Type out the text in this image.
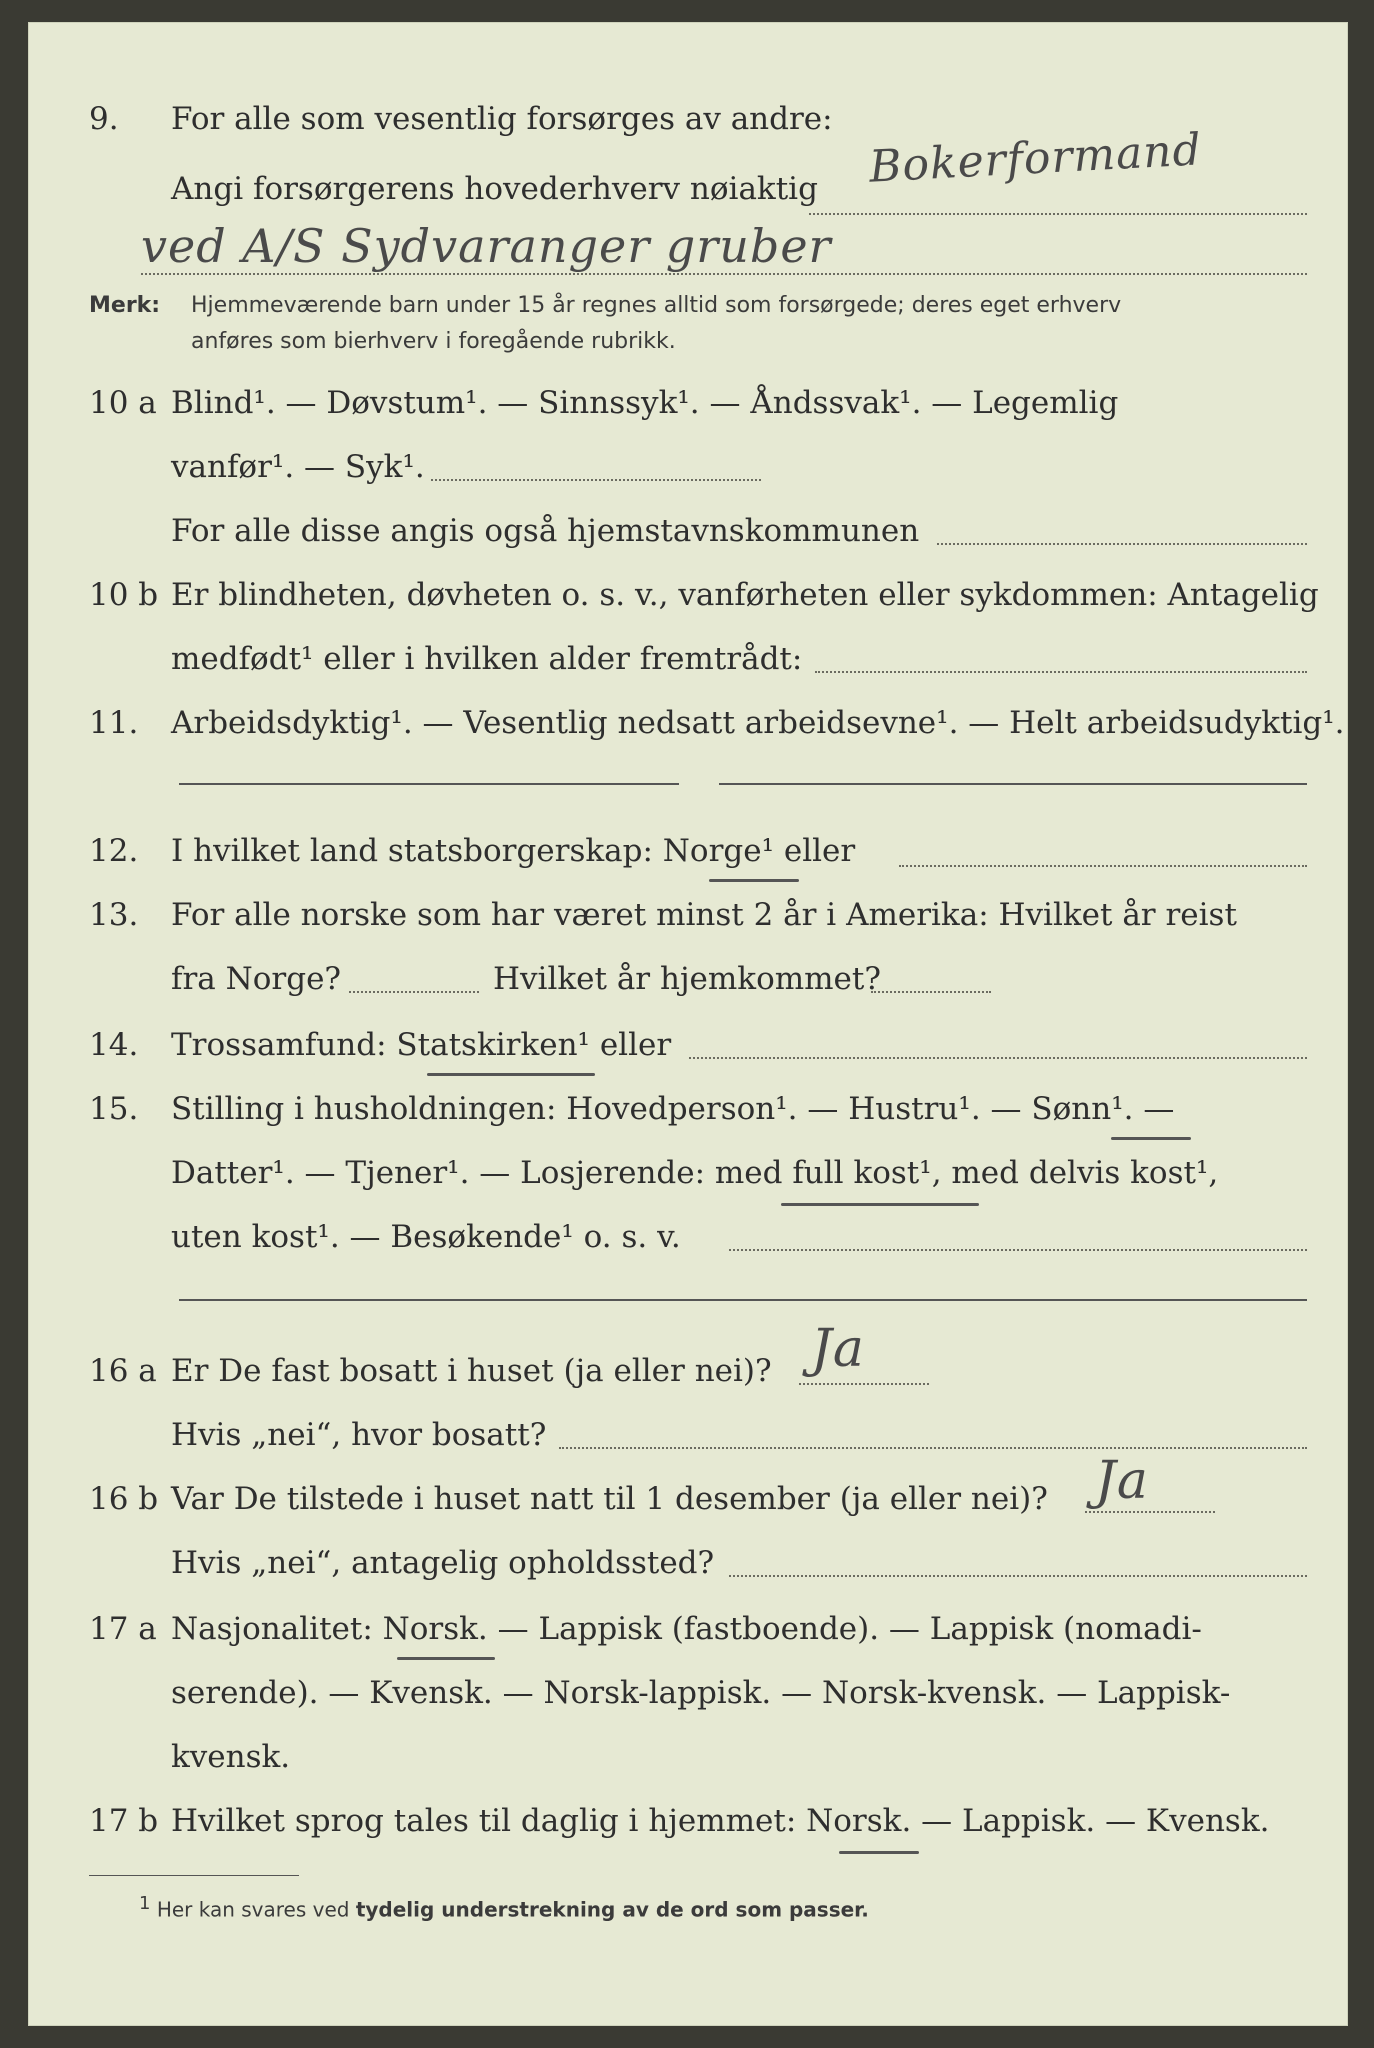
9. For alle som vesentlig forsørges av andre:
Bokerformand
Angi forsørgerens hovederhverv nøiaktig
ved A/S Sydvaranger gruber
Merk: Hjemmeværende barn under 15 år regnes alltid som forsørgede; deres eget erhverv
anføres som bierhverv i foregående rubrikk.
10 a Blind¹. — Døvstum¹. — Sinnssyk¹. — Åndssvak¹. — Legemlig
vanfør¹. — Syk¹.
For alle disse angis også hjemstavnskommunen
10 b Er blindheten, døvheten o. s. v., vanførheten eller sykdommen: Antagelig
medfødt¹ eller i hvilken alder fremtrådt:
11. Arbeidsdyktig¹. — Vesentlig nedsatt arbeidsevne¹. — Helt arbeidsudyktig¹.
12. I hvilket land statsborgerskap: Norge¹ eller
13. For alle norske som har været minst 2 år i Amerika: Hvilket år reist
fra Norge?	Hvilket år hjemkommet?
14. Trossamfund: Statskirken¹ eller
15. Stilling i husholdningen: Hovedperson¹. — Hustru¹. — Sønn¹. —
Datter¹. — Tjener¹. — Losjerende: med full kost¹, med delvis kost¹,
uten kost¹. — Besøkende¹ o. s. v.
16 a Er De fast bosatt i huset (ja eller nei)? Ja
Hvis „nei“, hvor bosatt?
16 b Var De tilstede i huset natt til 1 desember (ja eller nei)? Ja
Hvis „nei“, antagelig opholdssted?
17 a Nasjonalitet: Norsk. — Lappisk (fastboende). — Lappisk (nomadi-
serende). — Kvensk. — Norsk-lappisk. — Norsk-kvensk. — Lappisk-
kvensk.
17 b Hvilket sprog tales til daglig i hjemmet: Norsk. — Lappisk. — Kvensk.
1 Her kan svares ved tydelig understrekning av de ord som passer.
